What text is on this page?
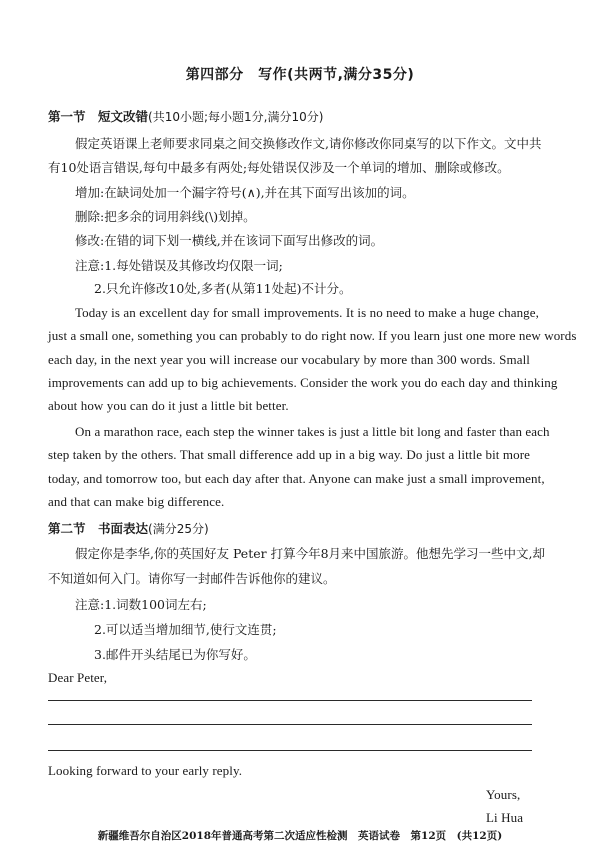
第四部分　写作(共两节,满分35分)
第一节　短文改错(共10小题;每小题1分,满分10分)
假定英语课上老师要求同桌之间交换修改作文,请你修改你同桌写的以下作文。文中共
有10处语言错误,每句中最多有两处;每处错误仅涉及一个单词的增加、删除或修改。
增加:在缺词处加一个漏字符号(∧),并在其下面写出该加的词。
删除:把多余的词用斜线(\)划掉。
修改:在错的词下划一横线,并在该词下面写出修改的词。
注意:1.每处错误及其修改均仅限一词;
2.只允许修改10处,多者(从第11处起)不计分。
Today is an excellent day for small improvements. It is no need to make a huge change,
just a small one, something you can probably to do right now. If you learn just one more new words
each day, in the next year you will increase our vocabulary by more than 300 words. Small
improvements can add up to big achievements. Consider the work you do each day and thinking
about how you can do it just a little bit better.
On a marathon race, each step the winner takes is just a little bit long and faster than each
step taken by the others. That small difference add up in a big way. Do just a little bit more
today, and tomorrow too, but each day after that. Anyone can make just a small improvement,
and that can make big difference.
第二节　书面表达(满分25分)
假定你是李华,你的英国好友 Peter 打算今年8月来中国旅游。他想先学习一些中文,却
不知道如何入门。请你写一封邮件告诉他你的建议。
注意:1.词数100词左右;
2.可以适当增加细节,使行文连贯;
3.邮件开头结尾已为你写好。
Dear Peter,
Looking forward to your early reply.
Yours,
Li Hua
新疆维吾尔自治区2018年普通高考第二次适应性检测　英语试卷　第12页　(共12页)
